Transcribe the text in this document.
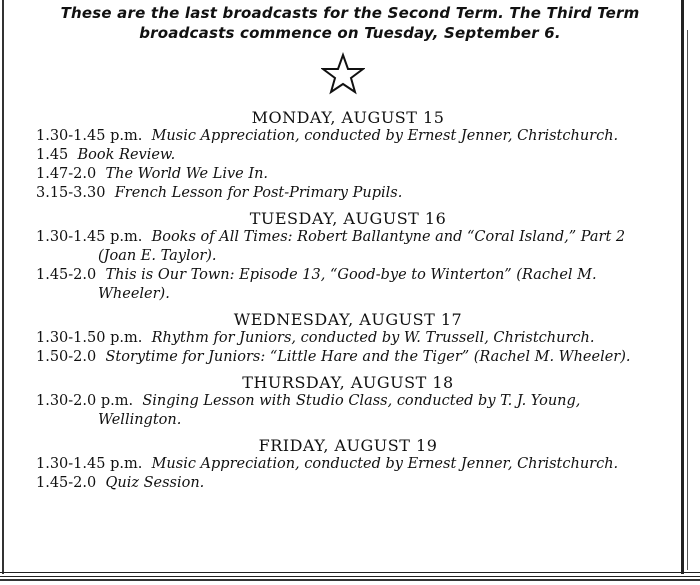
These are the last broadcasts for the Second Term. The Third Term broadcasts commence on Tuesday, September 6.

MONDAY, AUGUST 15

1.30-1.45 p.m. Music Appreciation, conducted by Ernest Jenner, Christchurch.

1.45 Book Review.

1.47-2.0 The World We Live In.

3.15-3.30 French Lesson for Post-Primary Pupils.

TUESDAY, AUGUST 16

1.30-1.45 p.m. Books of All Times: Robert Ballantyne and “Coral Island,” Part 2 (Joan E. Taylor).

1.45-2.0 This is Our Town: Episode 13, “Good-bye to Winterton” (Rachel M. Wheeler).

WEDNESDAY, AUGUST 17

1.30-1.50 p.m. Rhythm for Juniors, conducted by W. Trussell, Christchurch.

1.50-2.0 Storytime for Juniors: “Little Hare and the Tiger” (Rachel M. Wheeler).

THURSDAY, AUGUST 18

1.30-2.0 p.m. Singing Lesson with Studio Class, conducted by T. J. Young, Wellington.

FRIDAY, AUGUST 19

1.30-1.45 p.m. Music Appreciation, conducted by Ernest Jenner, Christchurch.

1.45-2.0 Quiz Session.
